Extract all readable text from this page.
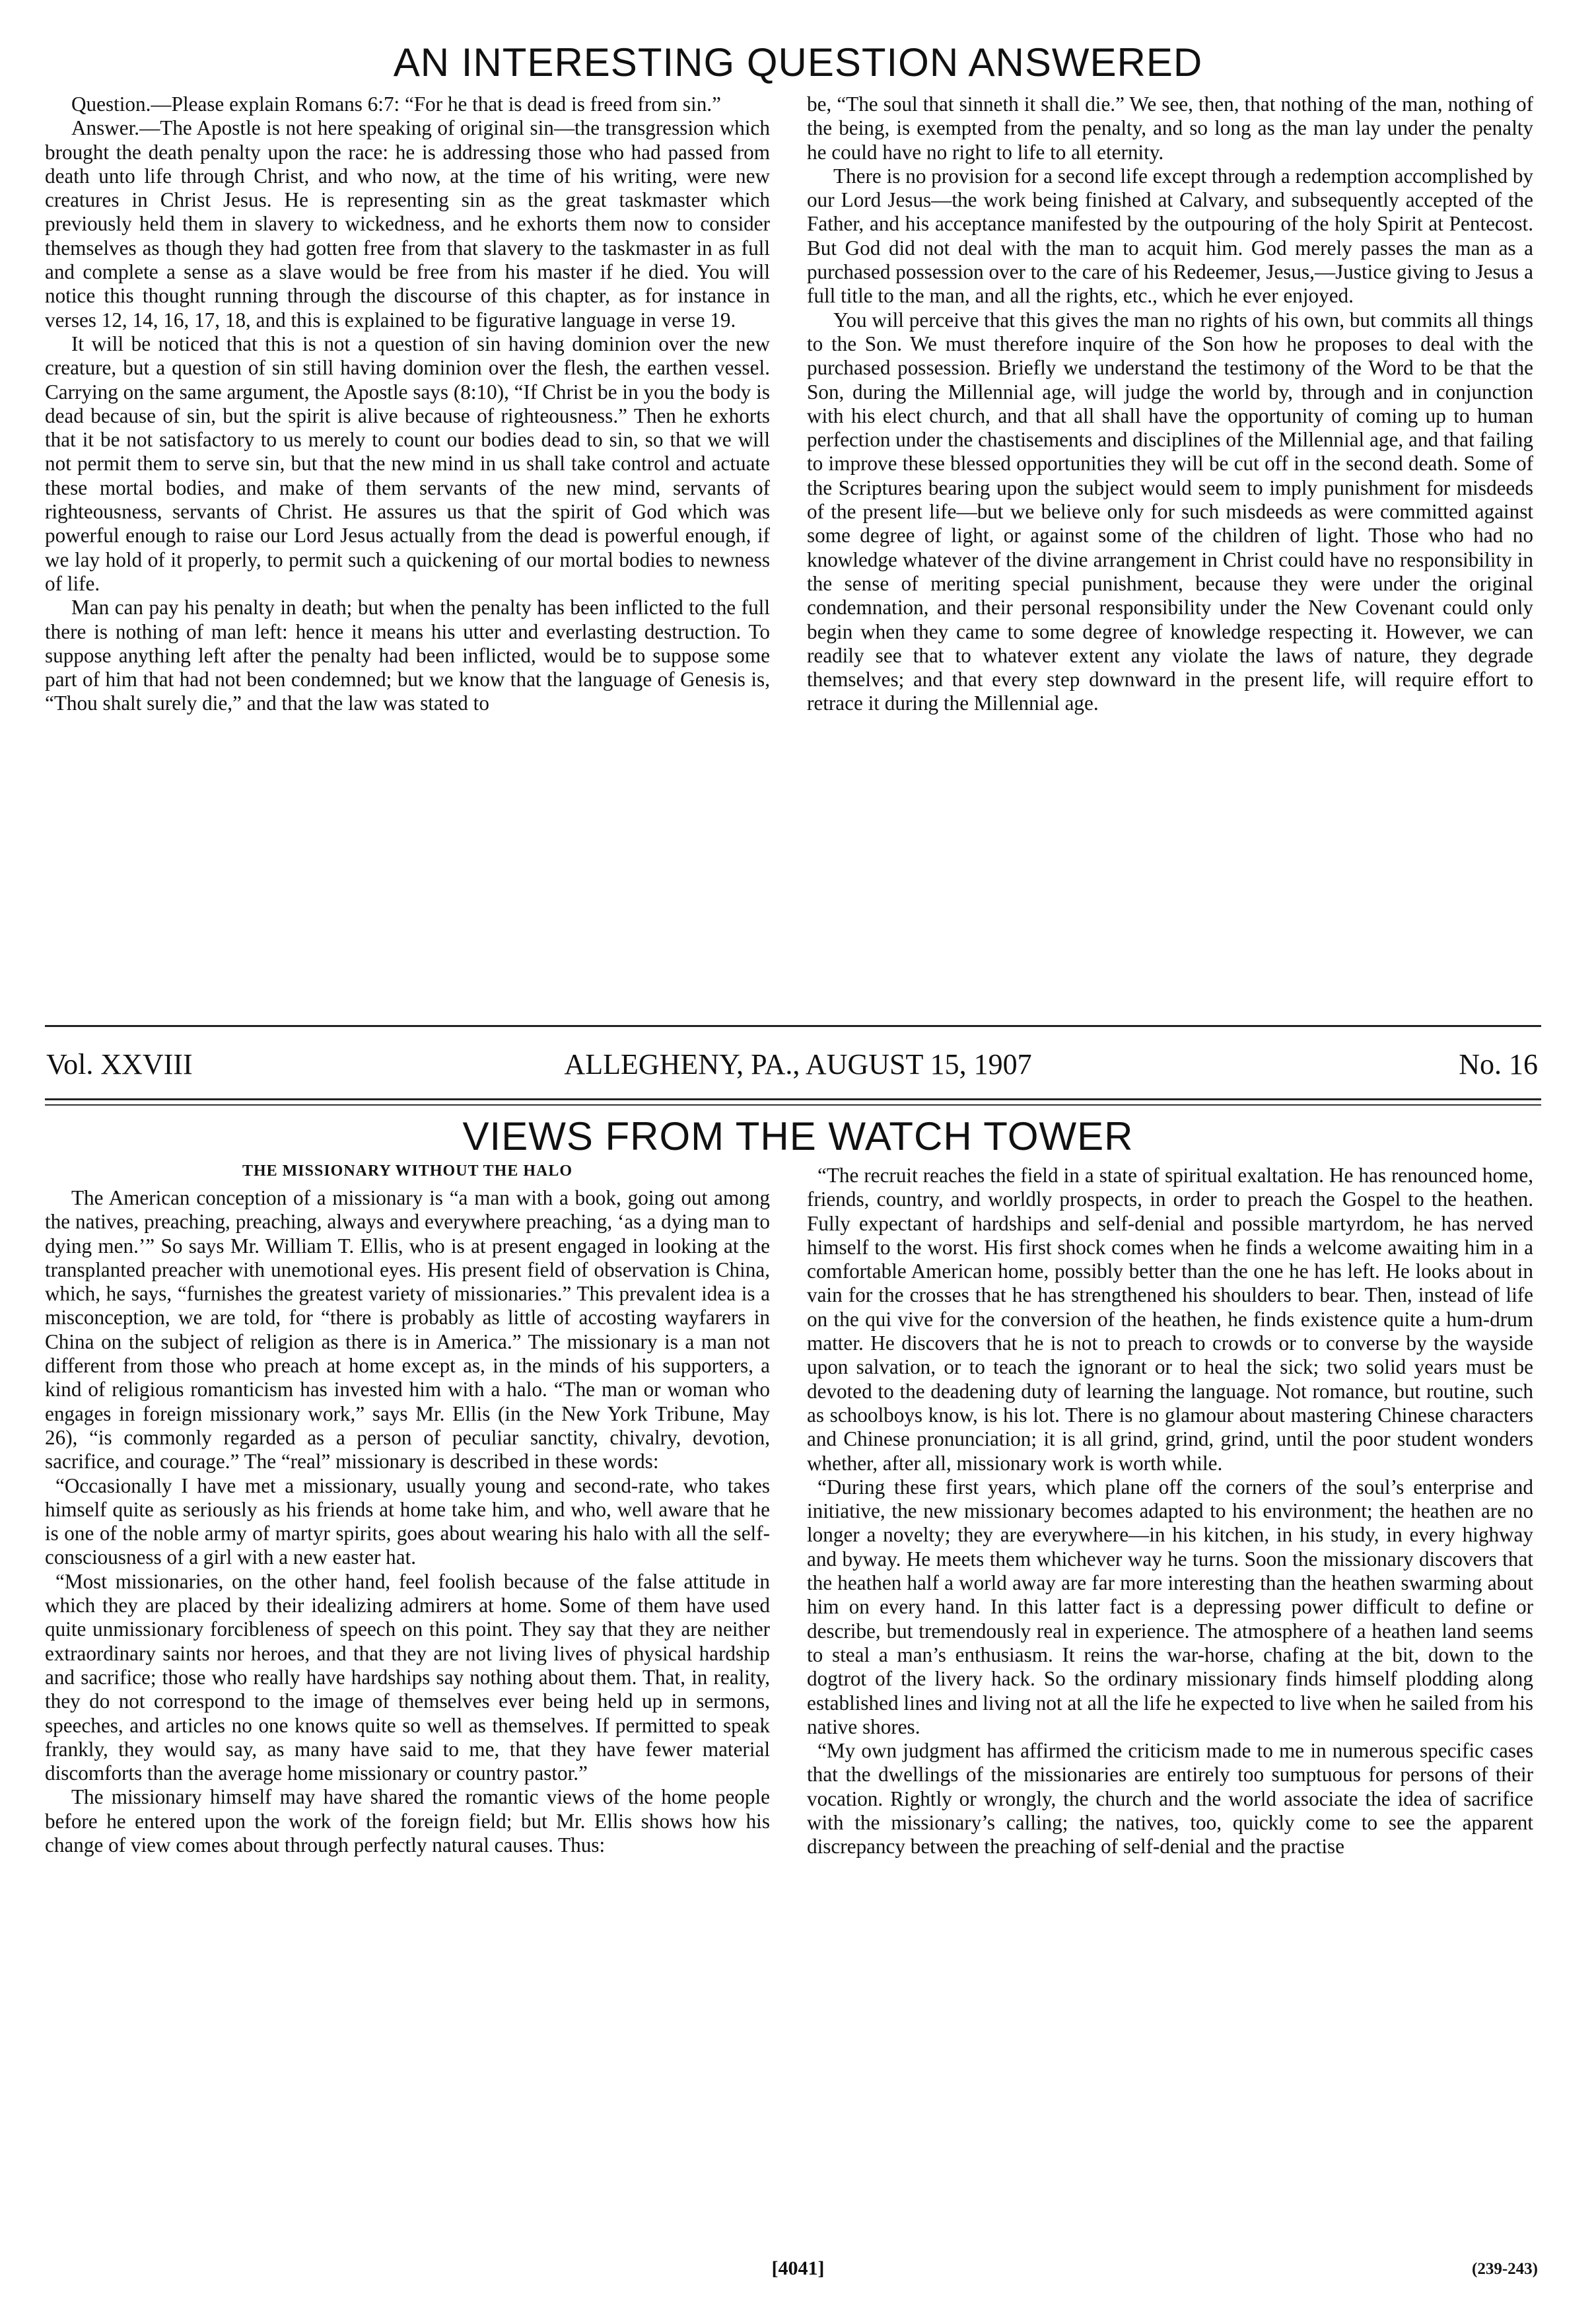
AN INTERESTING QUESTION ANSWERED

Question.—Please explain Romans 6:7: “For he that is dead is freed from sin.”

Answer.—The Apostle is not here speaking of original sin—the transgression which brought the death penalty upon the race: he is addressing those who had passed from death unto life through Christ, and who now, at the time of his writing, were new creatures in Christ Jesus. He is representing sin as the great taskmaster which previously held them in slavery to wickedness, and he exhorts them now to consider themselves as though they had gotten free from that slavery to the taskmaster in as full and complete a sense as a slave would be free from his master if he died. You will notice this thought running through the discourse of this chapter, as for instance in verses 12, 14, 16, 17, 18, and this is explained to be figurative language in verse 19.

It will be noticed that this is not a question of sin having dominion over the new creature, but a question of sin still having dominion over the flesh, the earthen vessel. Carrying on the same argument, the Apostle says (8:10), “If Christ be in you the body is dead because of sin, but the spirit is alive because of righteousness.” Then he exhorts that it be not satisfactory to us merely to count our bodies dead to sin, so that we will not permit them to serve sin, but that the new mind in us shall take control and actuate these mortal bodies, and make of them servants of the new mind, servants of righteousness, servants of Christ. He assures us that the spirit of God which was powerful enough to raise our Lord Jesus actually from the dead is powerful enough, if we lay hold of it properly, to permit such a quickening of our mortal bodies to newness of life.

Man can pay his penalty in death; but when the penalty has been inflicted to the full there is nothing of man left: hence it means his utter and everlasting destruction. To suppose anything left after the penalty had been inflicted, would be to suppose some part of him that had not been condemned; but we know that the language of Genesis is, “Thou shalt surely die,” and that the law was stated to

be, “The soul that sinneth it shall die.” We see, then, that nothing of the man, nothing of the being, is exempted from the penalty, and so long as the man lay under the penalty he could have no right to life to all eternity.

There is no provision for a second life except through a redemption accomplished by our Lord Jesus—the work being finished at Calvary, and subsequently accepted of the Father, and his acceptance manifested by the outpouring of the holy Spirit at Pentecost. But God did not deal with the man to acquit him. God merely passes the man as a purchased possession over to the care of his Redeemer, Jesus,—Justice giving to Jesus a full title to the man, and all the rights, etc., which he ever enjoyed.

You will perceive that this gives the man no rights of his own, but commits all things to the Son. We must therefore inquire of the Son how he proposes to deal with the purchased possession. Briefly we understand the testimony of the Word to be that the Son, during the Millennial age, will judge the world by, through and in conjunction with his elect church, and that all shall have the opportunity of coming up to human perfection under the chastisements and disciplines of the Millennial age, and that failing to improve these blessed opportunities they will be cut off in the second death. Some of the Scriptures bearing upon the subject would seem to imply punishment for misdeeds of the present life—but we believe only for such misdeeds as were committed against some degree of light, or against some of the children of light. Those who had no knowledge whatever of the divine arrangement in Christ could have no responsibility in the sense of meriting special punishment, because they were under the original condemnation, and their personal responsibility under the New Covenant could only begin when they came to some degree of knowledge respecting it. However, we can readily see that to whatever extent any violate the laws of nature, they degrade themselves; and that every step downward in the present life, will require effort to retrace it during the Millennial age.

Vol. XXVIII	ALLEGHENY, PA., AUGUST 15, 1907	No. 16
VIEWS FROM THE WATCH TOWER
THE MISSIONARY WITHOUT THE HALO

The American conception of a missionary is “a man with a book, going out among the natives, preaching, preaching, always and everywhere preaching, ‘as a dying man to dying men.’” So says Mr. William T. Ellis, who is at present engaged in looking at the transplanted preacher with unemotional eyes. His present field of observation is China, which, he says, “furnishes the greatest variety of missionaries.” This prevalent idea is a misconception, we are told, for “there is probably as little of accosting wayfarers in China on the subject of religion as there is in America.” The missionary is a man not different from those who preach at home except as, in the minds of his supporters, a kind of religious romanticism has invested him with a halo. “The man or woman who engages in foreign missionary work,” says Mr. Ellis (in the New York Tribune, May 26), “is commonly regarded as a person of peculiar sanctity, chivalry, devotion, sacrifice, and courage.” The “real” missionary is described in these words:

“Occasionally I have met a missionary, usually young and second-rate, who takes himself quite as seriously as his friends at home take him, and who, well aware that he is one of the noble army of martyr spirits, goes about wearing his halo with all the self-consciousness of a girl with a new easter hat.

“Most missionaries, on the other hand, feel foolish because of the false attitude in which they are placed by their idealizing admirers at home. Some of them have used quite unmissionary forcibleness of speech on this point. They say that they are neither extraordinary saints nor heroes, and that they are not living lives of physical hardship and sacrifice; those who really have hardships say nothing about them. That, in reality, they do not correspond to the image of themselves ever being held up in sermons, speeches, and articles no one knows quite so well as themselves. If permitted to speak frankly, they would say, as many have said to me, that they have fewer material discomforts than the average home missionary or country pastor.”

The missionary himself may have shared the romantic views of the home people before he entered upon the work of the foreign field; but Mr. Ellis shows how his change of view comes about through perfectly natural causes. Thus:

“The recruit reaches the field in a state of spiritual exaltation. He has renounced home, friends, country, and worldly prospects, in order to preach the Gospel to the heathen. Fully expectant of hardships and self-denial and possible martyrdom, he has nerved himself to the worst. His first shock comes when he finds a welcome awaiting him in a comfortable American home, possibly better than the one he has left. He looks about in vain for the crosses that he has strengthened his shoulders to bear. Then, instead of life on the qui vive for the conversion of the heathen, he finds existence quite a hum-drum matter. He discovers that he is not to preach to crowds or to converse by the wayside upon salvation, or to teach the ignorant or to heal the sick; two solid years must be devoted to the deadening duty of learning the language. Not romance, but routine, such as schoolboys know, is his lot. There is no glamour about mastering Chinese characters and Chinese pronunciation; it is all grind, grind, grind, until the poor student wonders whether, after all, missionary work is worth while.

“During these first years, which plane off the corners of the soul’s enterprise and initiative, the new missionary becomes adapted to his environment; the heathen are no longer a novelty; they are everywhere—in his kitchen, in his study, in every highway and byway. He meets them whichever way he turns. Soon the missionary discovers that the heathen half a world away are far more interesting than the heathen swarming about him on every hand. In this latter fact is a depressing power difficult to define or describe, but tremendously real in experience. The atmosphere of a heathen land seems to steal a man’s enthusiasm. It reins the war-horse, chafing at the bit, down to the dogtrot of the livery hack. So the ordinary missionary finds himself plodding along established lines and living not at all the life he expected to live when he sailed from his native shores.

“My own judgment has affirmed the criticism made to me in numerous specific cases that the dwellings of the missionaries are entirely too sumptuous for persons of their vocation. Rightly or wrongly, the church and the world associate the idea of sacrifice with the missionary’s calling; the natives, too, quickly come to see the apparent discrepancy between the preaching of self-denial and the practise

[4041]	(239-243)
